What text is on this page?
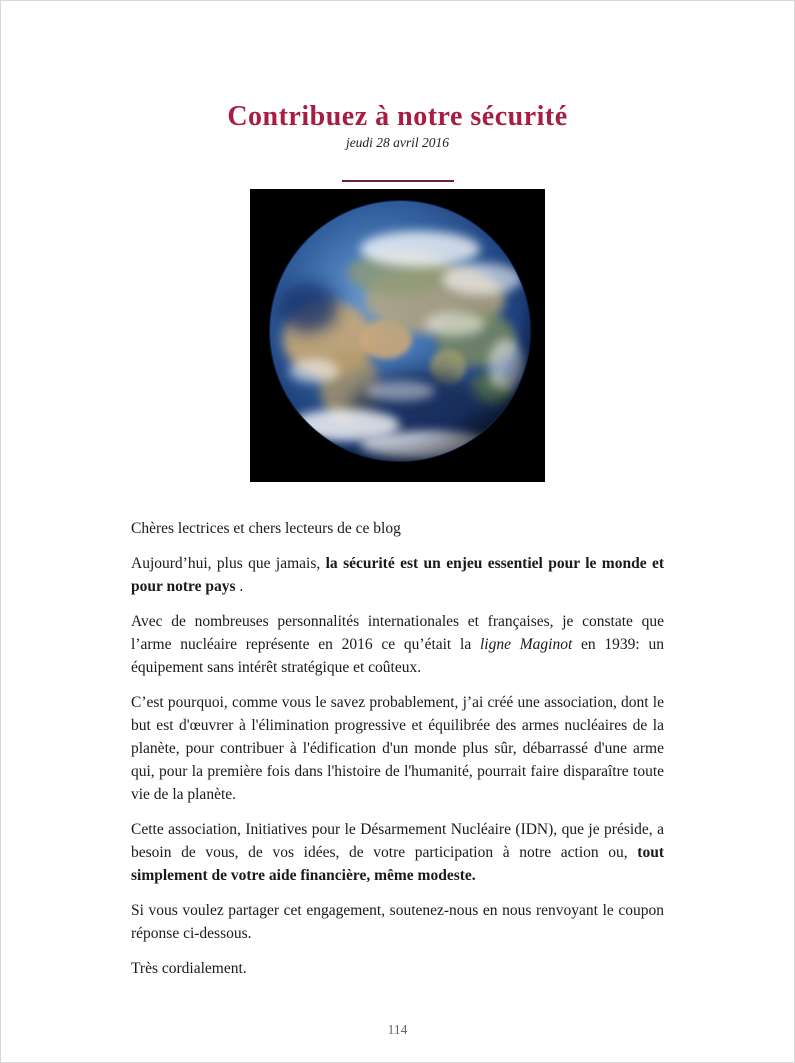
Contribuez à notre sécurité
jeudi 28 avril 2016

Chères lectrices et chers lecteurs de ce blog

Aujourd’hui, plus que jamais, la sécurité est un enjeu essentiel pour le monde et pour notre pays .

Avec de nombreuses personnalités internationales et françaises, je constate que l’arme nucléaire représente en 2016 ce qu’était la ligne Maginot en 1939: un équipement sans intérêt stratégique et coûteux.

C’est pourquoi, comme vous le savez probablement, j’ai créé une association, dont le but est d'œuvrer à l'élimination progressive et équilibrée des armes nucléaires de la planète, pour contribuer à l'édification d'un monde plus sûr, débarrassé d'une arme qui, pour la première fois dans l'histoire de l'humanité, pourrait faire disparaître toute vie de la planète.

Cette association, Initiatives pour le Désarmement Nucléaire (IDN), que je préside, a besoin de vous, de vos idées, de votre participation à notre action ou, tout simplement de votre aide financière, même modeste.

Si vous voulez partager cet engagement, soutenez-nous en nous renvoyant le coupon réponse ci-dessous.

Très cordialement.

114
